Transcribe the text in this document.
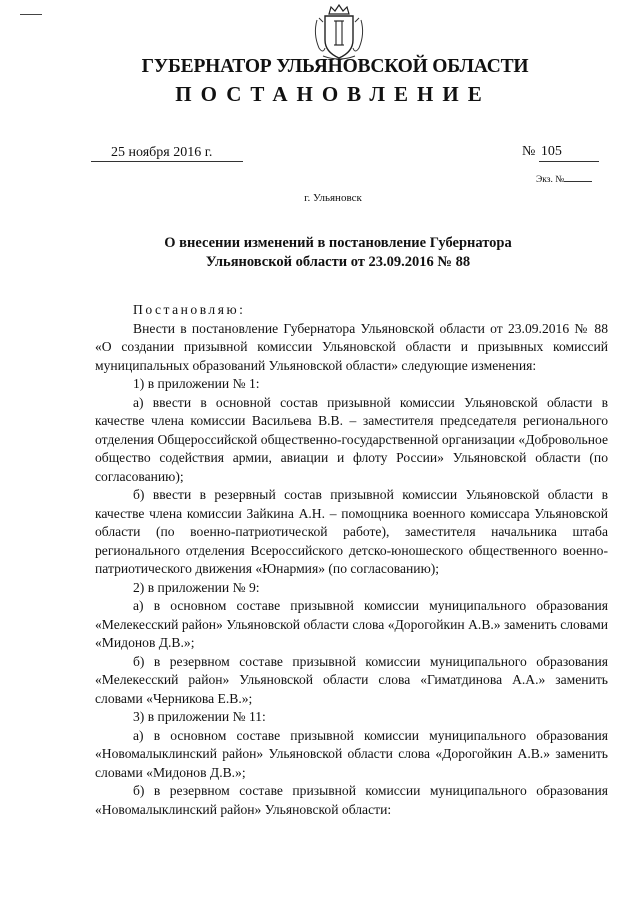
ГУБЕРНАТОР УЛЬЯНОВСКОЙ ОБЛАСТИ
ПОСТАНОВЛЕНИЕ
25 ноября 2016 г.	№ 105
Экз. №
г. Ульяновск
О внесении изменений в постановление Губернатора
Ульяновской области от 23.09.2016 № 88

Постановляю:

Внести в постановление Губернатора Ульяновской области от 23.09.2016 № 88 «О создании призывной комиссии Ульяновской области и призывных комиссий муниципальных образований Ульяновской области» следующие изменения:

1) в приложении № 1:

а) ввести в основной состав призывной комиссии Ульяновской области в качестве члена комиссии Васильева В.В. – заместителя председателя регионального отделения Общероссийской общественно-государственной организации «Добровольное общество содействия армии, авиации и флоту России» Ульяновской области (по согласованию);

б) ввести в резервный состав призывной комиссии Ульяновской области в качестве члена комиссии Зайкина А.Н. – помощника военного комиссара Ульяновской области (по военно-патриотической работе), заместителя начальника штаба регионального отделения Всероссийского детско-юношеского общественного военно-патриотического движения «Юнармия» (по согласованию);

2) в приложении № 9:

а) в основном составе призывной комиссии муниципального образования «Мелекесский район» Ульяновской области слова «Дорогойкин А.В.» заменить словами «Мидонов Д.В.»;

б) в резервном составе призывной комиссии муниципального образования «Мелекесский район» Ульяновской области слова «Гиматдинова А.А.» заменить словами «Черникова Е.В.»;

3) в приложении № 11:

а) в основном составе призывной комиссии муниципального образования «Новомалыклинский район» Ульяновской области слова «Дорогойкин А.В.» заменить словами «Мидонов Д.В.»;

б) в резервном составе призывной комиссии муниципального образования «Новомалыклинский район» Ульяновской области:
